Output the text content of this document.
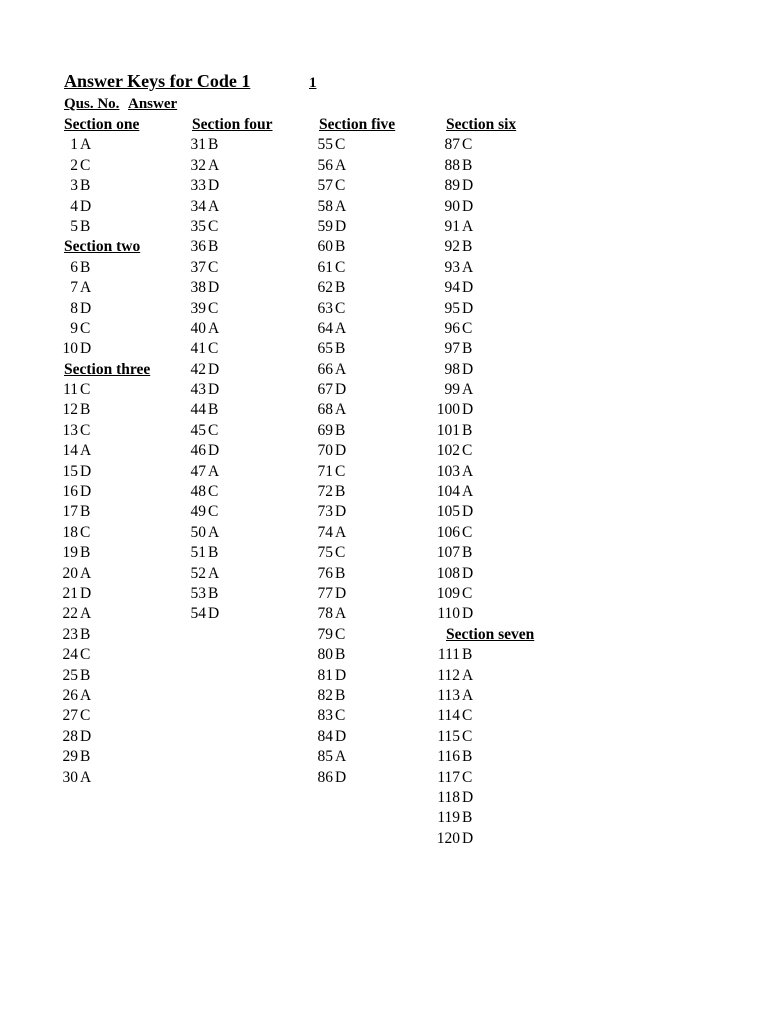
Answer Keys for Code 1	1
Qus. No. Answer
Section one
1 A
2 C
3 B
4 D
5 B
Section two
6 B
7 A
8 D
9 C
10 D
Section three
11 C
12 B
13 C
14 A
15 D
16 D
17 B
18 C
19 B
20 A
21 D
22 A
23 B
24 C
25 B
26 A
27 C
28 D
29 B
30 A
Section four
31 B
32 A
33 D
34 A
35 C
36 B
37 C
38 D
39 C
40 A
41 C
42 D
43 D
44 B
45 C
46 D
47 A
48 C
49 C
50 A
51 B
52 A
53 B
54 D
Section five
55 C
56 A
57 C
58 A
59 D
60 B
61 C
62 B
63 C
64 A
65 B
66 A
67 D
68 A
69 B
70 D
71 C
72 B
73 D
74 A
75 C
76 B
77 D
78 A
79 C
80 B
81 D
82 B
83 C
84 D
85 A
86 D
Section six
87 C
88 B
89 D
90 D
91 A
92 B
93 A
94 D
95 D
96 C
97 B
98 D
99 A
100 D
101 B
102 C
103 A
104 A
105 D
106 C
107 B
108 D
109 C
110 D
Section seven
111 B
112 A
113 A
114 C
115 C
116 B
117 C
118 D
119 B
120 D
